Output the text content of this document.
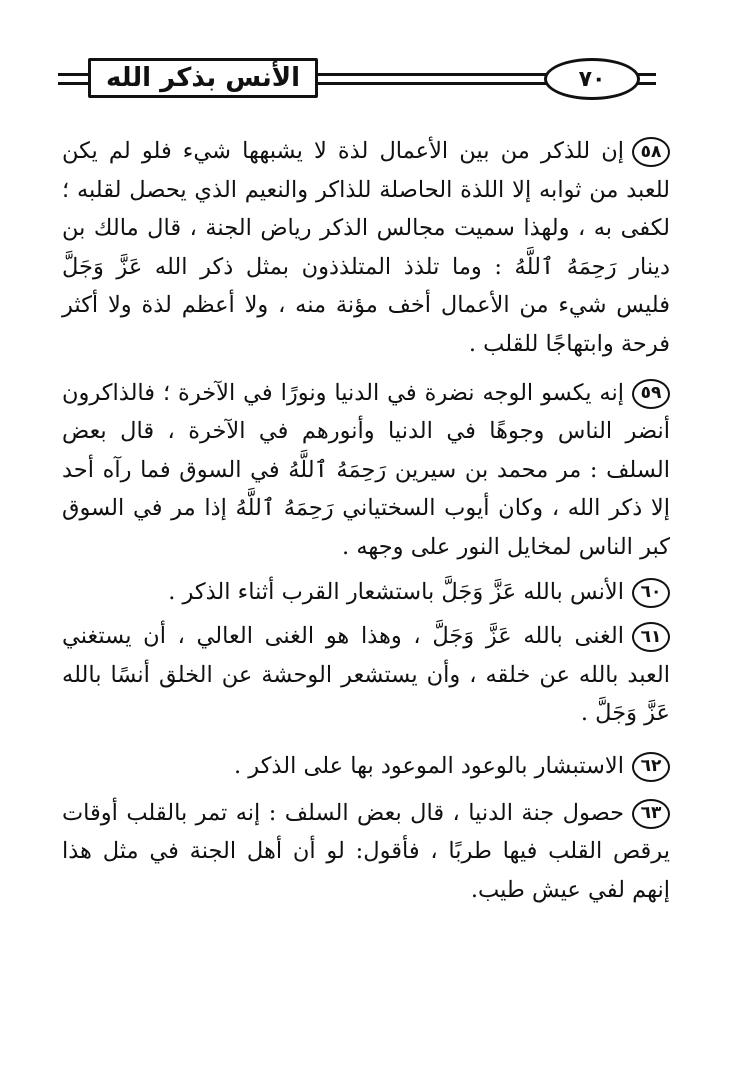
الأنس بذكر الله	٧٠

٥٨إن للذكر من بين الأعمال لذة لا يشبهها شيء فلو لم يكن للعبد من ثوابه إلا اللذة الحاصلة للذاكر والنعيم الذي يحصل لقلبه ؛ لكفى به ، ولهذا سميت مجالس الذكر رياض الجنة ، قال مالك بن دينار رَحِمَهُ ٱللَّهُ : وما تلذذ المتلذذون بمثل ذكر الله عَزَّ وَجَلَّ فليس شيء من الأعمال أخف مؤنة منه ، ولا أعظم لذة ولا أكثر فرحة وابتهاجًا للقلب .

٥٩إنه يكسو الوجه نضرة في الدنيا ونورًا في الآخرة ؛ فالذاكرون أنضر الناس وجوهًا في الدنيا وأنورهم في الآخرة ، قال بعض السلف : مر محمد بن سيرين رَحِمَهُ ٱللَّهُ في السوق فما رآه أحد إلا ذكر الله ، وكان أيوب السختياني رَحِمَهُ ٱللَّهُ إذا مر في السوق كبر الناس لمخايل النور على وجهه .

٦٠الأنس بالله عَزَّ وَجَلَّ باستشعار القرب أثناء الذكر .

٦١الغنى بالله عَزَّ وَجَلَّ ، وهذا هو الغنى العالي ، أن يستغني العبد بالله عن خلقه ، وأن يستشعر الوحشة عن الخلق أنسًا بالله عَزَّ وَجَلَّ .

٦٢الاستبشار بالوعود الموعود بها على الذكر .

٦٣حصول جنة الدنيا ، قال بعض السلف : إنه تمر بالقلب أوقات يرقص القلب فيها طربًا ، فأقول: لو أن أهل الجنة في مثل هذا إنهم لفي عيش طيب.
